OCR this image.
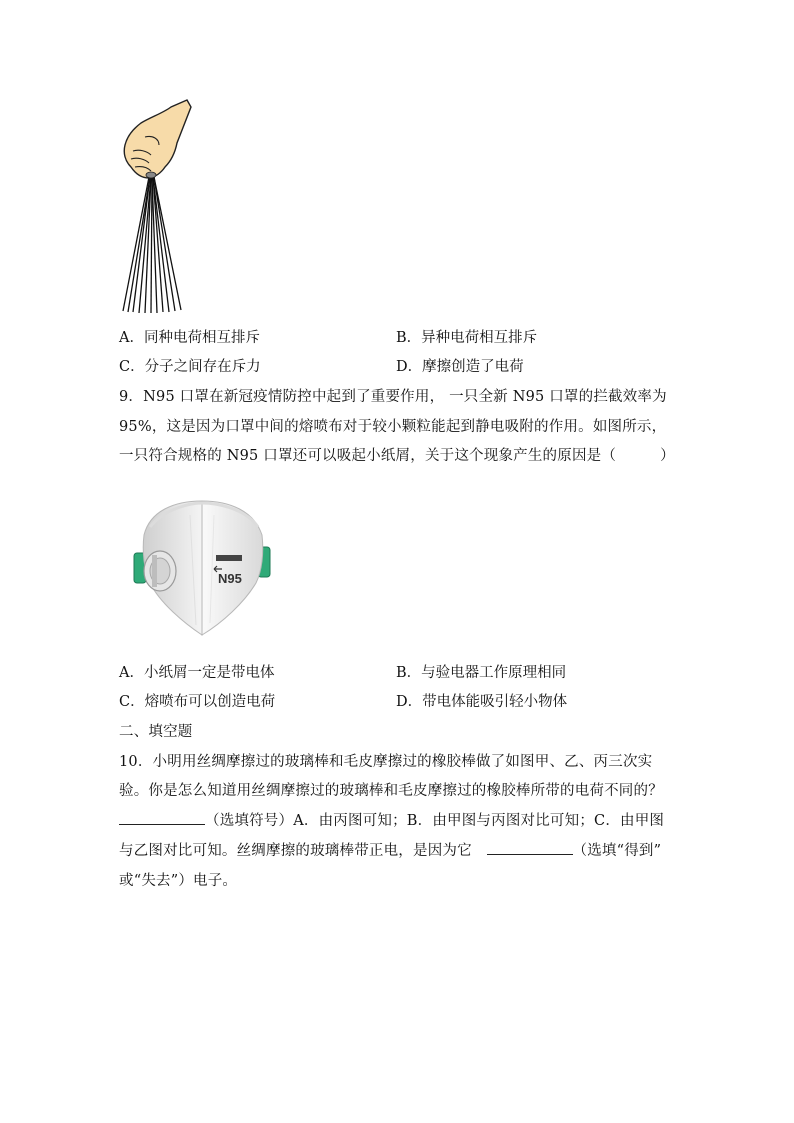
A．同种电荷相互排斥	B．异种电荷相互排斥
C．分子之间存在斥力	D．摩擦创造了电荷
9．N95 口罩在新冠疫情防控中起到了重要作用， 一只全新 N95 口罩的拦截效率为
95%，这是因为口罩中间的熔喷布对于较小颗粒能起到静电吸附的作用。如图所示，
一只符合规格的 N95 口罩还可以吸起小纸屑，关于这个现象产生的原因是（　　　）
N95
A．小纸屑一定是带电体	B．与验电器工作原理相同
C．熔喷布可以创造电荷	D．带电体能吸引轻小物体
二、填空题
10．小明用丝绸摩擦过的玻璃棒和毛皮摩擦过的橡胶棒做了如图甲、乙、丙三次实
验。你是怎么知道用丝绸摩擦过的玻璃棒和毛皮摩擦过的橡胶棒所带的电荷不同的？
（选填符号）A．由丙图可知；B．由甲图与丙图对比可知；C．由甲图
与乙图对比可知。丝绸摩擦的玻璃棒带正电，是因为它　	（选填“得到”
或“失去”）电子。
